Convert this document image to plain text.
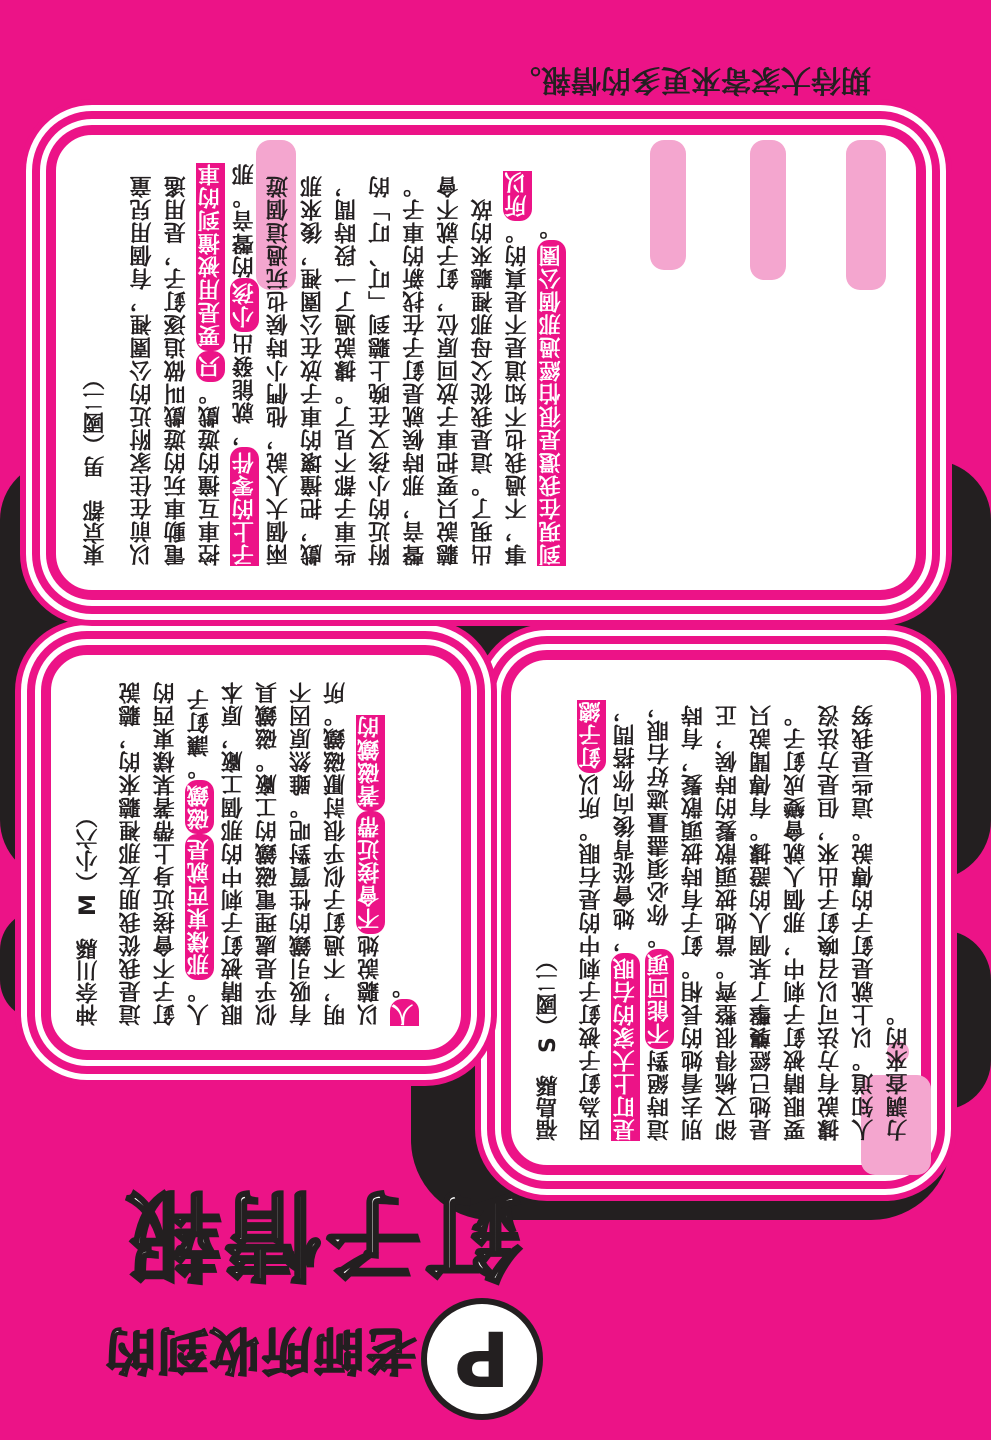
P
老師所收到的
釘子情報
福島縣　S（國二） 因為釘子被釘子刺中的是右眼。所以釘子總是盯上大家的右眼，她會從背後向你搭問，這時絕對不能回頭。你必須盡量遮好右眼，別去看她的長相。釘子有時披頭散髮，有時卻又梳得很整齊。當她披頭散髮的時候，正是她已經襲擊了某個人的證據。有傳聞說只要眼睛被釘子刺中，那個人就會變成釘子。據說有方法可以召喚釘子出來，但是方法沒人知道。以上就是釘子的傳說。這些是我努力調查來的。
神奈川縣　M（小六） 這是我從我朋友那裡聽來的，聽說釘子不會接近身上帶著某樣東西的人。那樣東西就是磁鐵。讓釘子眼睛被釘子刺中的那個工廠，原本似乎是處理電磁鐵的工廠。磁鐵具有吸引鐵的性質對吧。雖然原因不明，不過釘子似乎很討厭磁鐵。所以聽說她不會接近帶著磁鐵的人。
東京都　男（國二） 以前在住家附近的公園裡，有個用兒童電動車玩的遊戲叫做追逐釘子，是用遙控車互撞的遊戲。只要是用被撞到的車子上的零件，就能發出小孩的聲音。那兩個大人說，他們小時候也玩過這個遊戲，把撞壞的車子放在公園裡，後來那些車子都不見了。據說過了一段時間，附近的小孩又在晚上聽到「叮、叮」的聲音，那時候就是釘子在找新的車子。聽說只要把車子放回原位，釘子就不會出現了。這是我從父母那裡聽來的故事，不過我也不知道是不是真的。所以到現在我還是很怕經過那個公園。
期待大家寄來更多的情報。
